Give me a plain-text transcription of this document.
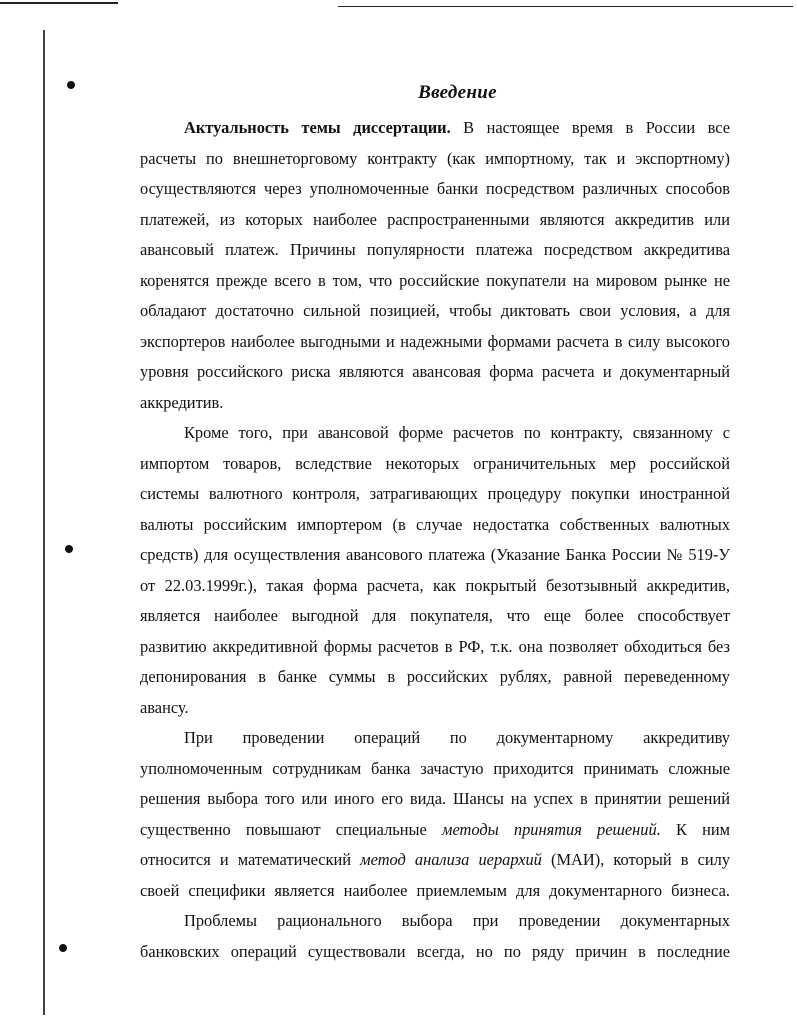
Введение

Актуальность темы диссертации. В настоящее время в России все расчеты по внешнеторговому контракту (как импортному, так и экспортному) осуществляются через уполномоченные банки посредством различных способов платежей, из которых наиболее распространенными являются аккредитив или авансовый платеж. Причины популярности платежа посредством аккредитива коренятся прежде всего в том, что российские покупатели на мировом рынке не обладают достаточно сильной позицией, чтобы диктовать свои условия, а для экспортеров наиболее выгодными и надежными формами расчета в силу высокого уровня российского риска являются авансовая форма расчета и документарный аккредитив.

Кроме того, при авансовой форме расчетов по контракту, связанному с импортом товаров, вследствие некоторых ограничительных мер российской системы валютного контроля, затрагивающих процедуру покупки иностранной валюты российским импортером (в случае недостатка собственных валютных средств) для осуществления авансового платежа (Указание Банка России № 519-У от 22.03.1999г.), такая форма расчета, как покрытый безотзывный аккредитив, является наиболее выгодной для покупателя, что еще более способствует развитию аккредитивной формы расчетов в РФ, т.к. она позволяет обходиться без депонирования в банке суммы в российских рублях, равной переведенному авансу.

При проведении операций по документарному аккредитиву уполномоченным сотрудникам банка зачастую приходится принимать сложные решения выбора того или иного его вида. Шансы на успех в принятии решений существенно повышают специальные методы принятия решений. К ним относится и математический метод анализа иерархий (МАИ), который в силу своей специфики является наиболее приемлемым для документарного бизнеса.

Проблемы рационального выбора при проведении документарных банковских операций существовали всегда, но по ряду причин в последние
